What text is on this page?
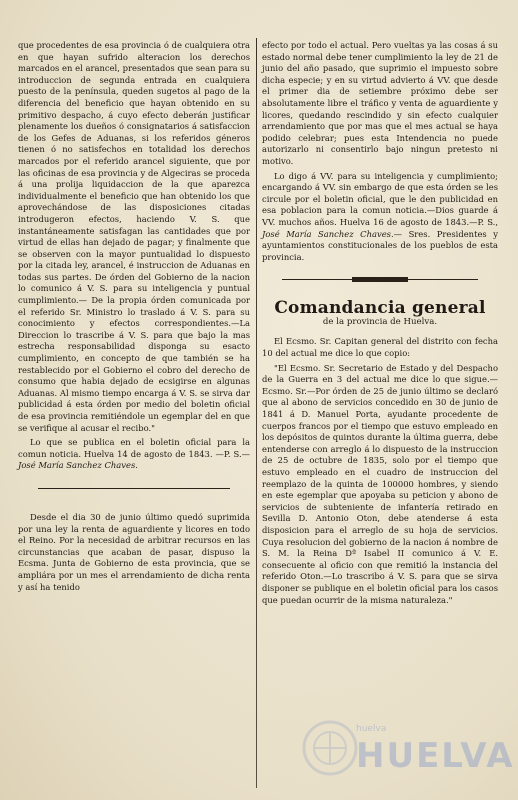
que procedentes de esa provincia ó de cualquiera otra en que hayan sufrido alteracion los derechos marcados en el arancel, presentados que sean para su introduccion de segunda entrada en cualquiera puesto de la península, queden sugetos al pago de la diferencia del beneficio que hayan obtenido en su primitivo despacho, á cuyo efecto deberán justificar plenamente los dueños ó consignatarios á satisfaccion de los Gefes de Aduanas, si los referidos géneros tienen ó no satisfechos en totalidad los derechos marcados por el referido arancel siguiente, que por las oficinas de esa provincia y de Algeciras se proceda á una prolija liquidaccion de la que aparezca individualmente el beneficio que han obtenido los que aprovechándose de las disposiciones citadas introdugeron efectos, haciendo V. S. que instantáneamente satisfagan las cantidades que por virtud de ellas han dejado de pagar; y finalmente que se observen con la mayor puntualidad lo dispuesto por la citada ley, arancel, é instruccion de Aduanas en todas sus partes. De órden del Gobierno de la nacion lo comunico á V. S. para su inteligencia y puntual cumplimiento.— De la propia órden comunicada por el referido Sr. Ministro lo traslado á V. S. para su conocimiento y efectos correspondientes.—La Direccion lo trascribe á V. S. para que bajo la mas estrecha responsabilidad disponga su esacto cumplimiento, en concepto de que también se ha restablecido por el Gobierno el cobro del derecho de consumo que habia dejado de ecsigirse en algunas Aduanas. Al mismo tiempo encarga á V. S. se sirva dar publicidad á esta órden por medio del boletin oficial de esa provincia remitiéndole un egemplar del en que se verifique al acusar el recibo."

Lo que se publica en el boletin oficial para la comun noticia. Huelva 14 de agosto de 1843. —P. S.—José María Sanchez Chaves.

Desde el dia 30 de junio último quedó suprimida por una ley la renta de aguardiente y licores en todo el Reino. Por la necesidad de arbitrar recursos en las circunstancias que acaban de pasar, dispuso la Ecsma. Junta de Gobierno de esta provincia, que se ampliára por un mes el arrendamiento de dicha renta y así ha tenido

efecto por todo el actual. Pero vueltas ya las cosas á su estado normal debe tener cumplimiento la ley de 21 de junio del año pasado, que suprimio el impuesto sobre dicha especie; y en su virtud advierto á VV. que desde el primer dia de setiembre próximo debe ser absolutamente libre el tráfico y venta de aguardiente y licores, quedando rescindido y sin efecto cualquier arrendamiento que por mas que el mes actual se haya podido celebrar; pues esta Intendencia no puede autorizarlo ni consentirlo bajo ningun pretesto ni motivo.

Lo digo á VV. para su inteligencia y cumplimiento; encargando á VV. sin embargo de que esta órden se les circule por el boletin oficial, que le den publicidad en esa poblacion para la comun noticia.—Dios guarde á VV. muchos años. Huelva 16 de agosto de 1843.—P. S., José María Sanchez Chaves.— Sres. Presidentes y ayuntamientos constitucionales de los pueblos de esta provincia.

Comandancia general
de la provincia de Huelva.

El Ecsmo. Sr. Capitan general del distrito con fecha 10 del actual me dice lo que copio:

"El Ecsmo. Sr. Secretario de Estado y del Despacho de la Guerra en 3 del actual me dice lo que sigue.—Ecsmo. Sr.—Por órden de 25 de junio último se declaró que al abono de servicios concedido en 30 de junio de 1841 á D. Manuel Porta, ayudante procedente de cuerpos francos por el tiempo que estuvo empleado en los depósitos de quintos durante la última guerra, debe entenderse con arreglo á lo dispuesto de la instruccion de 25 de octubre de 1835, solo por el tiempo que estuvo empleado en el cuadro de instruccion del reemplazo de la quinta de 100000 hombres, y siendo en este egemplar que apoyaba su peticion y abono de servicios de subteniente de infantería retirado en Sevilla D. Antonio Oton, debe atenderse á esta disposicion para el arreglo de su hoja de servicios. Cuya resolucion del gobierno de la nacion á nombre de S. M. la Reina Dª Isabel II comunico á V. E. consecuente al oficio con que remitió la instancia del referido Oton.—Lo trascribo á V. S. para que se sirva disponer se publique en el boletin oficial para los casos que puedan ocurrir de la misma naturaleza."

huelva
HUELVA
